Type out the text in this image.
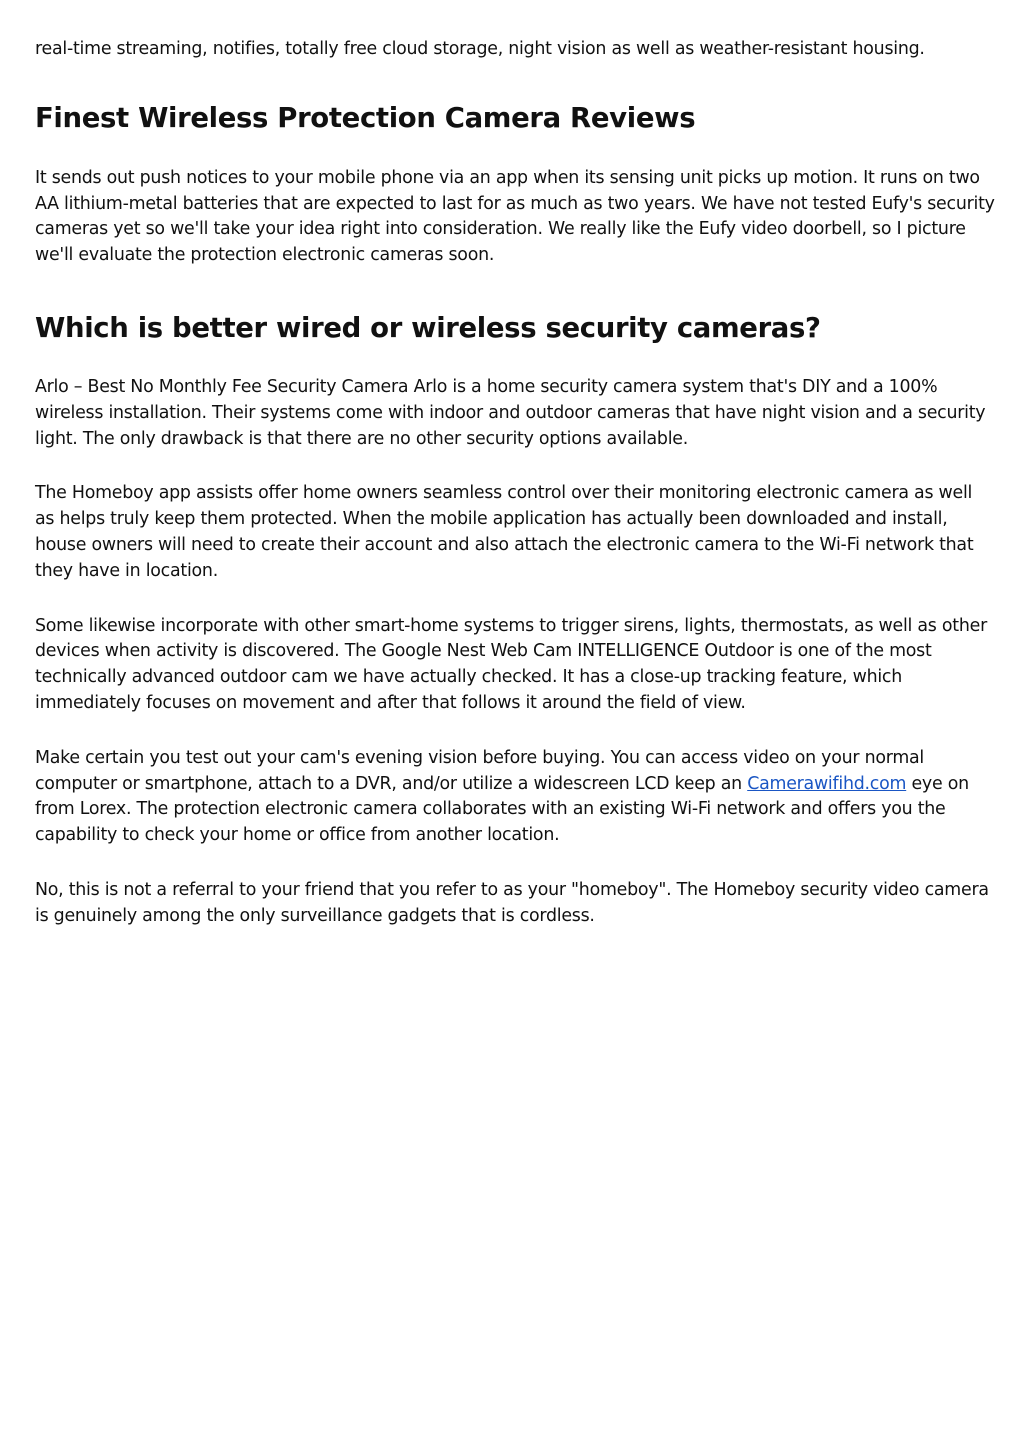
real-time streaming, notifies, totally free cloud storage, night vision as well as weather-resistant housing.

Finest Wireless Protection Camera Reviews

It sends out push notices to your mobile phone via an app when its sensing unit picks up motion. It runs on two AA lithium-metal batteries that are expected to last for as much as two years. We have not tested Eufy's security cameras yet so we'll take your idea right into consideration. We really like the Eufy video doorbell, so I picture we'll evaluate the protection electronic cameras soon.

Which is better wired or wireless security cameras?

Arlo – Best No Monthly Fee Security Camera Arlo is a home security camera system that's DIY and a 100% wireless installation. Their systems come with indoor and outdoor cameras that have night vision and a security light. The only drawback is that there are no other security options available.

The Homeboy app assists offer home owners seamless control over their monitoring electronic camera as well as helps truly keep them protected. When the mobile application has actually been downloaded and install, house owners will need to create their account and also attach the electronic camera to the Wi-Fi network that they have in location.

Some likewise incorporate with other smart-home systems to trigger sirens, lights, thermostats, as well as other devices when activity is discovered. The Google Nest Web Cam INTELLIGENCE Outdoor is one of the most technically advanced outdoor cam we have actually checked. It has a close-up tracking feature, which immediately focuses on movement and after that follows it around the field of view.

Make certain you test out your cam's evening vision before buying. You can access video on your normal computer or smartphone, attach to a DVR, and/or utilize a widescreen LCD keep an Camerawifihd.com eye on from Lorex. The protection electronic camera collaborates with an existing Wi-Fi network and offers you the capability to check your home or office from another location.

No, this is not a referral to your friend that you refer to as your "homeboy". The Homeboy security video camera is genuinely among the only surveillance gadgets that is cordless.
